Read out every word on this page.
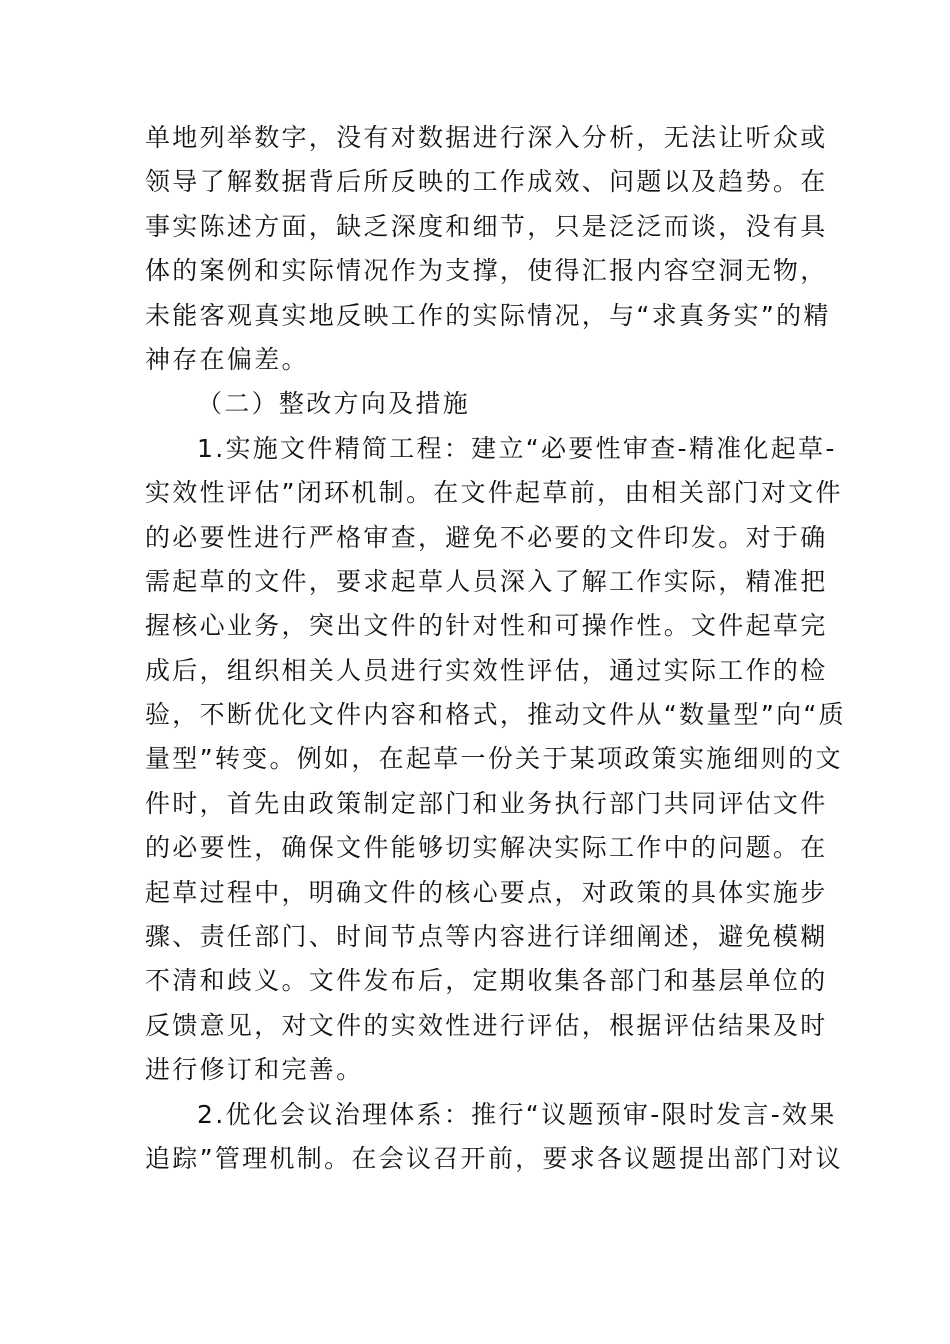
单地列举数字，没有对数据进行深入分析，无法让听众或
领导了解数据背后所反映的工作成效、问题以及趋势。在
事实陈述方面，缺乏深度和细节，只是泛泛而谈，没有具
体的案例和实际情况作为支撑，使得汇报内容空洞无物，
未能客观真实地反映工作的实际情况，与“求真务实”的精
神存在偏差。
（二）整改方向及措施
1.实施文件精简工程：建立“必要性审查-精准化起草-
实效性评估”闭环机制。在文件起草前，由相关部门对文件
的必要性进行严格审查，避免不必要的文件印发。对于确
需起草的文件，要求起草人员深入了解工作实际，精准把
握核心业务，突出文件的针对性和可操作性。文件起草完
成后，组织相关人员进行实效性评估，通过实际工作的检
验，不断优化文件内容和格式，推动文件从“数量型”向“质
量型”转变。例如，在起草一份关于某项政策实施细则的文
件时，首先由政策制定部门和业务执行部门共同评估文件
的必要性，确保文件能够切实解决实际工作中的问题。在
起草过程中，明确文件的核心要点，对政策的具体实施步
骤、责任部门、时间节点等内容进行详细阐述，避免模糊
不清和歧义。文件发布后，定期收集各部门和基层单位的
反馈意见，对文件的实效性进行评估，根据评估结果及时
进行修订和完善。
2.优化会议治理体系：推行“议题预审-限时发言-效果
追踪”管理机制。在会议召开前，要求各议题提出部门对议
